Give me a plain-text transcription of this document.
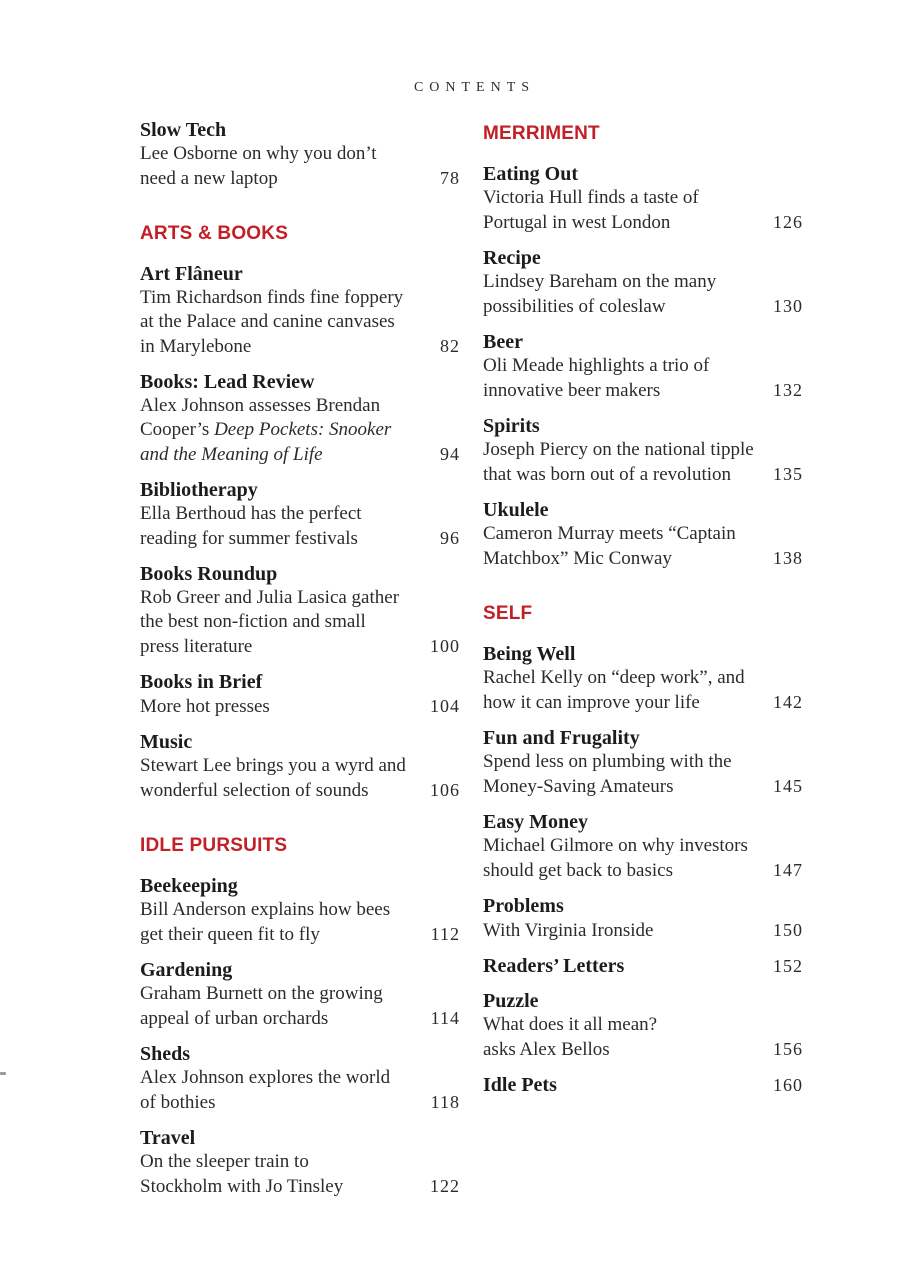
CONTENTS
Slow Tech
Lee Osborne on why you don’t
need a new laptop	78
ARTS & BOOKS
Art Flâneur
Tim Richardson finds fine foppery
at the Palace and canine canvases
in Marylebone	82
Books: Lead Review
Alex Johnson assesses Brendan
Cooper’s Deep Pockets: Snooker
and the Meaning of Life	94
Bibliotherapy
Ella Berthoud has the perfect
reading for summer festivals	96
Books Roundup
Rob Greer and Julia Lasica gather
the best non-fiction and small
press literature	100
Books in Brief
More hot presses	104
Music
Stewart Lee brings you a wyrd and
wonderful selection of sounds	106
IDLE PURSUITS
Beekeeping
Bill Anderson explains how bees
get their queen fit to fly	112
Gardening
Graham Burnett on the growing
appeal of urban orchards	114
Sheds
Alex Johnson explores the world
of bothies	118
Travel
On the sleeper train to
Stockholm with Jo Tinsley	122
MERRIMENT
Eating Out
Victoria Hull finds a taste of
Portugal in west London	126
Recipe
Lindsey Bareham on the many
possibilities of coleslaw	130
Beer
Oli Meade highlights a trio of
innovative beer makers	132
Spirits
Joseph Piercy on the national tipple
that was born out of a revolution 135
Ukulele
Cameron Murray meets “Captain
Matchbox” Mic Conway	138
SELF
Being Well
Rachel Kelly on “deep work”, and
how it can improve your life	142
Fun and Frugality
Spend less on plumbing with the
Money-Saving Amateurs	145
Easy Money
Michael Gilmore on why investors
should get back to basics	147
Problems
With Virginia Ironside	150
Readers’ Letters	152
Puzzle
What does it all mean?
asks Alex Bellos	156
Idle Pets	160
